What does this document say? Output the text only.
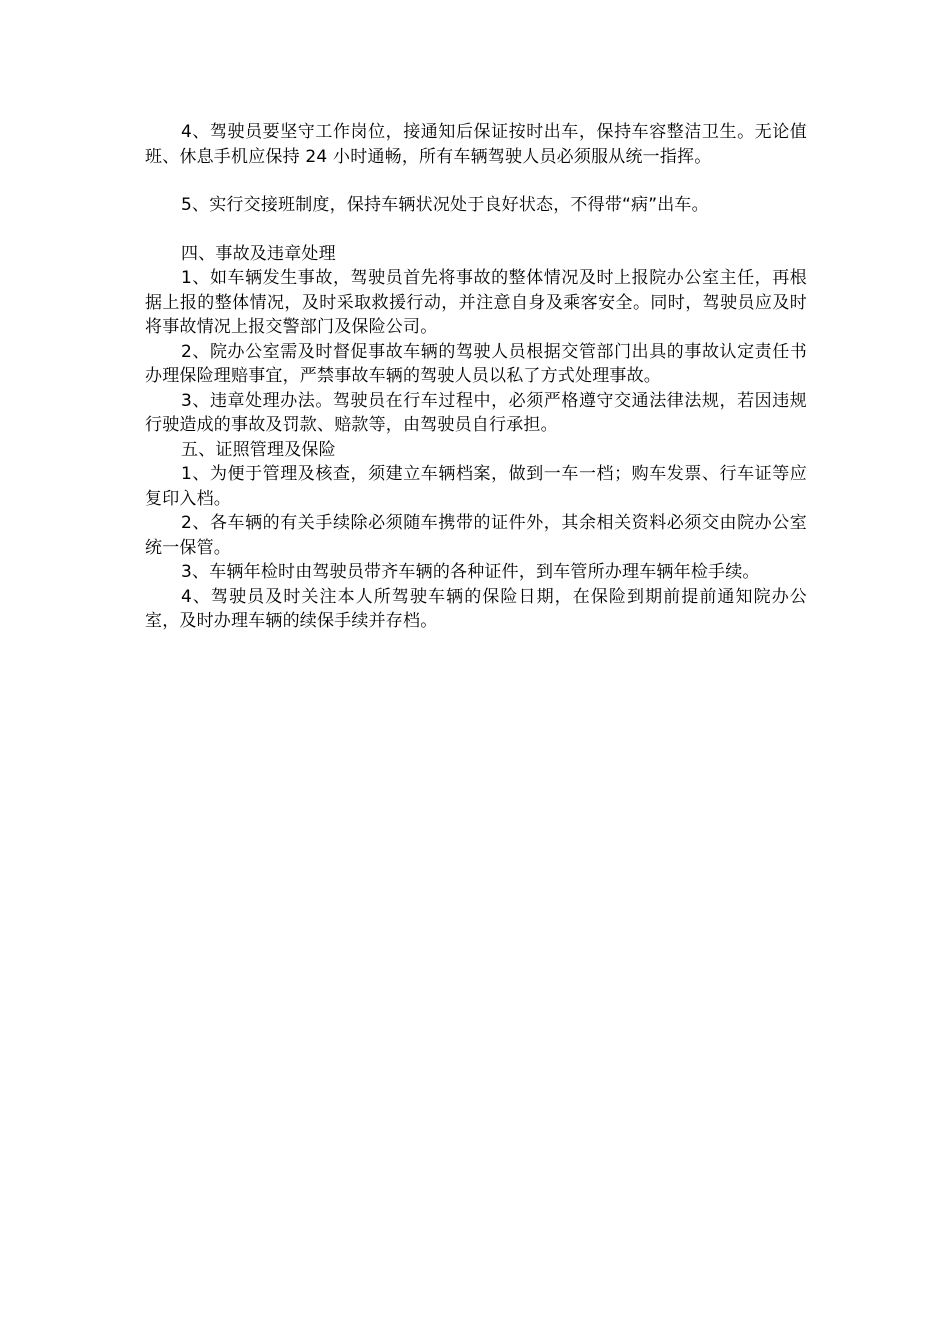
4、驾驶员要坚守工作岗位，接通知后保证按时出车，保持车容整洁卫生。无论值班、休息手机应保持 24 小时通畅，所有车辆驾驶人员必须服从统一指挥。

5、实行交接班制度，保持车辆状况处于良好状态，不得带“病”出车。

四、事故及违章处理

1、如车辆发生事故，驾驶员首先将事故的整体情况及时上报院办公室主任，再根据上报的整体情况，及时采取救援行动，并注意自身及乘客安全。同时，驾驶员应及时将事故情况上报交警部门及保险公司。

2、院办公室需及时督促事故车辆的驾驶人员根据交管部门出具的事故认定责任书办理保险理赔事宜，严禁事故车辆的驾驶人员以私了方式处理事故。

3、违章处理办法。驾驶员在行车过程中，必须严格遵守交通法律法规，若因违规行驶造成的事故及罚款、赔款等，由驾驶员自行承担。

五、证照管理及保险

1、为便于管理及核查，须建立车辆档案，做到一车一档；购车发票、行车证等应复印入档。

2、各车辆的有关手续除必须随车携带的证件外，其余相关资料必须交由院办公室统一保管。

3、车辆年检时由驾驶员带齐车辆的各种证件，到车管所办理车辆年检手续。

4、驾驶员及时关注本人所驾驶车辆的保险日期，在保险到期前提前通知院办公室，及时办理车辆的续保手续并存档。
